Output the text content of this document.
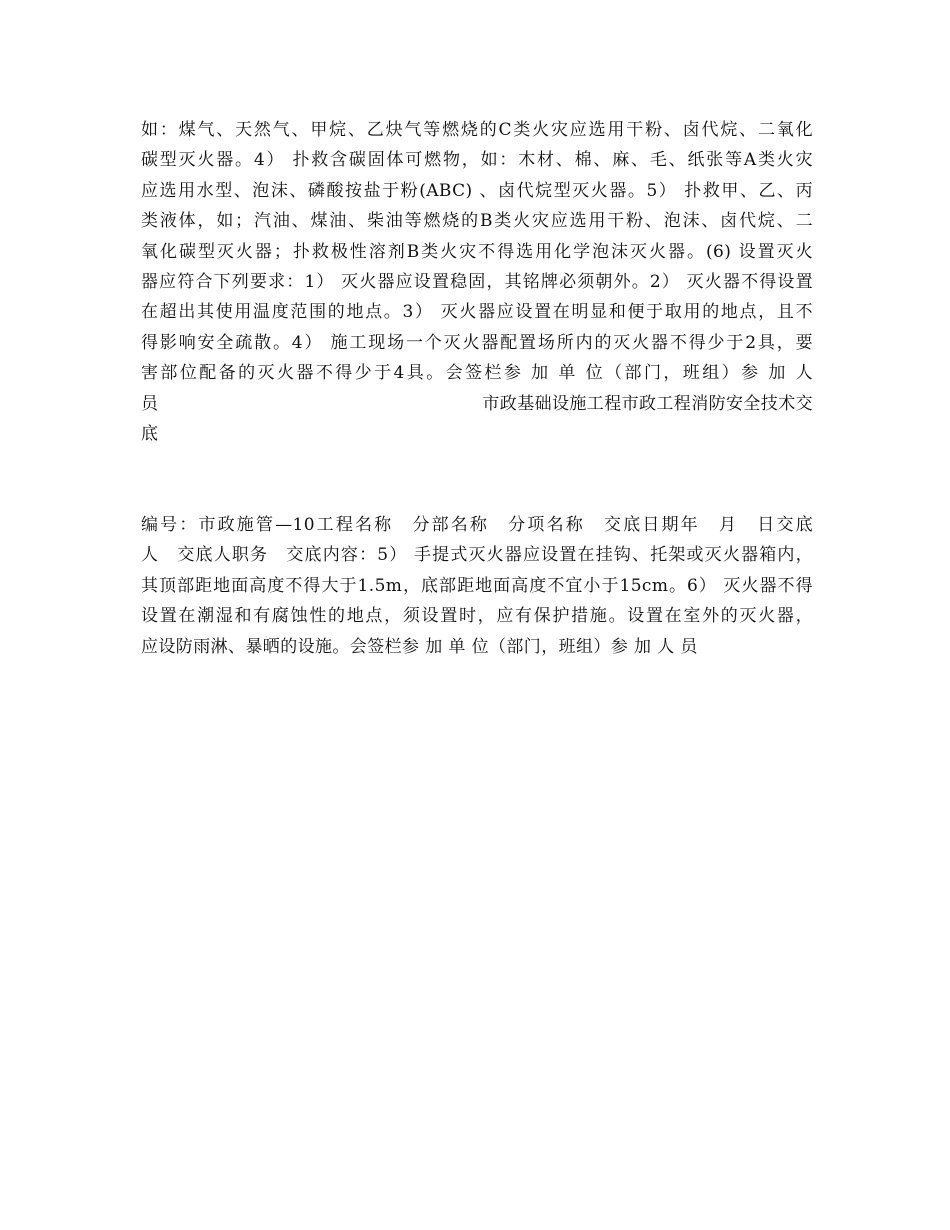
如：煤气、天然气、甲烷、乙炔气等燃烧的C类火灾应选用干粉、卤代烷、二氧化
碳型灭火器。4） 扑救含碳固体可燃物，如：木材、棉、麻、毛、纸张等A类火灾
应选用水型、泡沫、磷酸按盐于粉(ABC) 、卤代烷型灭火器。5） 扑救甲、乙、丙
类液体，如；汽油、煤油、柴油等燃烧的B类火灾应选用干粉、泡沫、卤代烷、二
氧化碳型灭火器；扑救极性溶剂B类火灾不得选用化学泡沫灭火器。(6) 设置灭火
器应符合下列要求：1） 灭火器应设置稳固，其铭牌必须朝外。2） 灭火器不得设置
在超出其使用温度范围的地点。3） 灭火器应设置在明显和便于取用的地点，且不
得影响安全疏散。4） 施工现场一个灭火器配置场所内的灭火器不得少于2具，要
害部位配备的灭火器不得少于4具。会签栏参 加 单 位（部门，班组）参 加 人
员	市政基础设施工程市政工程消防安全技术交
底
编号：市政施管—10工程名称　分部名称　分项名称　交底日期年　月　日交底
人　交底人职务　交底内容：5） 手提式灭火器应设置在挂钩、托架或灭火器箱内，
其顶部距地面高度不得大于1.5m，底部距地面高度不宜小于15cm。6） 灭火器不得
设置在潮湿和有腐蚀性的地点，须设置时，应有保护措施。设置在室外的灭火器，
应设防雨淋、暴晒的设施。会签栏参 加 单 位（部门，班组）参 加 人 员
